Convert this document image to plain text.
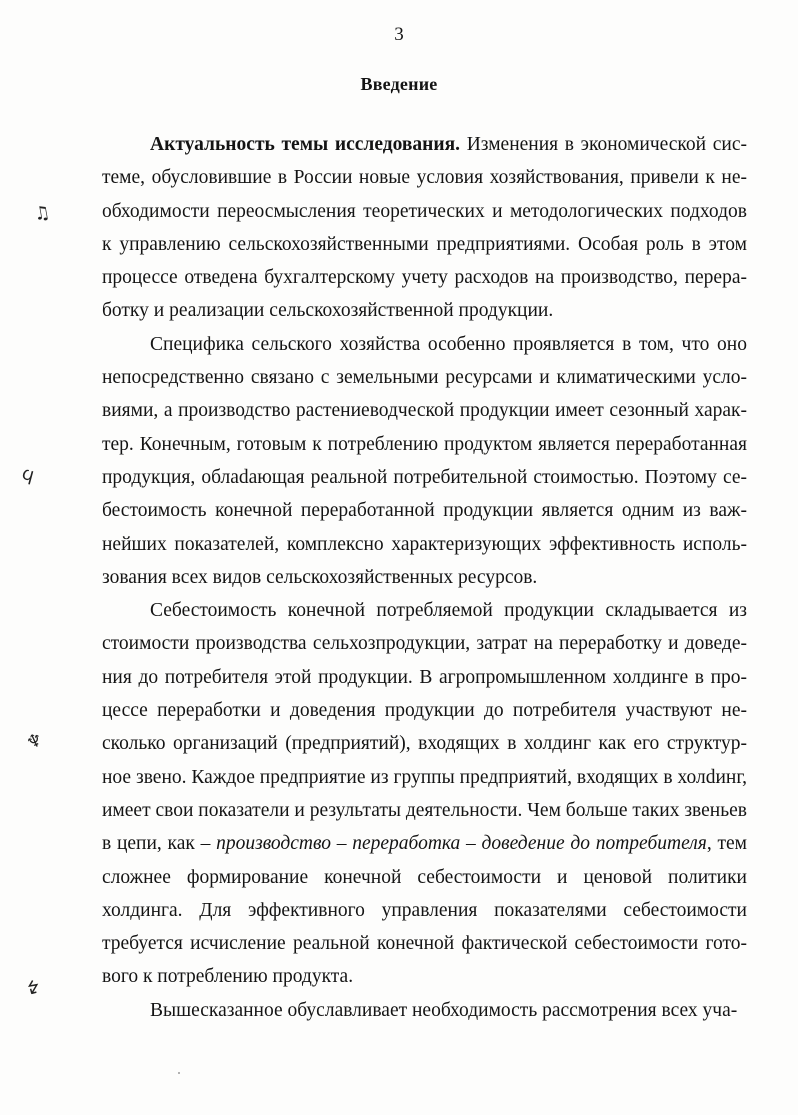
3
Введение

Актуальность темы исследования. Изменения в экономической системе, обусловившие в России новые условия хозяйствования, привели к необходимости переосмысления теоретических и методологических подходов к управлению сельскохозяйственными предприятиями. Особая роль в этом процессе отведена бухгалтерскому учету расходов на производство, переработку и реализации сельскохозяйственной продукции.

Специфика сельского хозяйства особенно проявляется в том, что оно непосредственно связано с земельными ресурсами и климатическими условиями, а производство растениеводческой продукции имеет сезонный характер. Конечным, готовым к потреблению продуктом является переработанная продукция, облаdающая реальной потребительной стоимостью. Поэтому себестоимость конечной переработанной продукции является одним из важнейших показателей, комплексно характеризующих эффективность использования всех видов сельскохозяйственных ресурсов.

Себестоимость конечной потребляемой продукции складывается из стоимости производства сельхозпродукции, затрат на переработку и доведения до потребителя этой продукции. В агропромышленном холдинге в процессе переработки и доведения продукции до потребителя участвуют несколько организаций (предприятий), входящих в холдинг как его структурное звено. Каждое предприятие из группы предприятий, входящих в холdинг, имеет свои показатели и результаты деятельности. Чем больше таких звеньев в цепи, как – производство – переработка – доведение до потребителя, тем сложнее формирование конечной себестоимости и ценовой политики холдинга. Для эффективного управления показателями себестоимости требуется исчисление реальной конечной фактической себестоимости готового к потреблению продукта.

Вышесказанное обуславливает необходимость рассмотрения всех уча-

♫
ϥ
♆
↯
